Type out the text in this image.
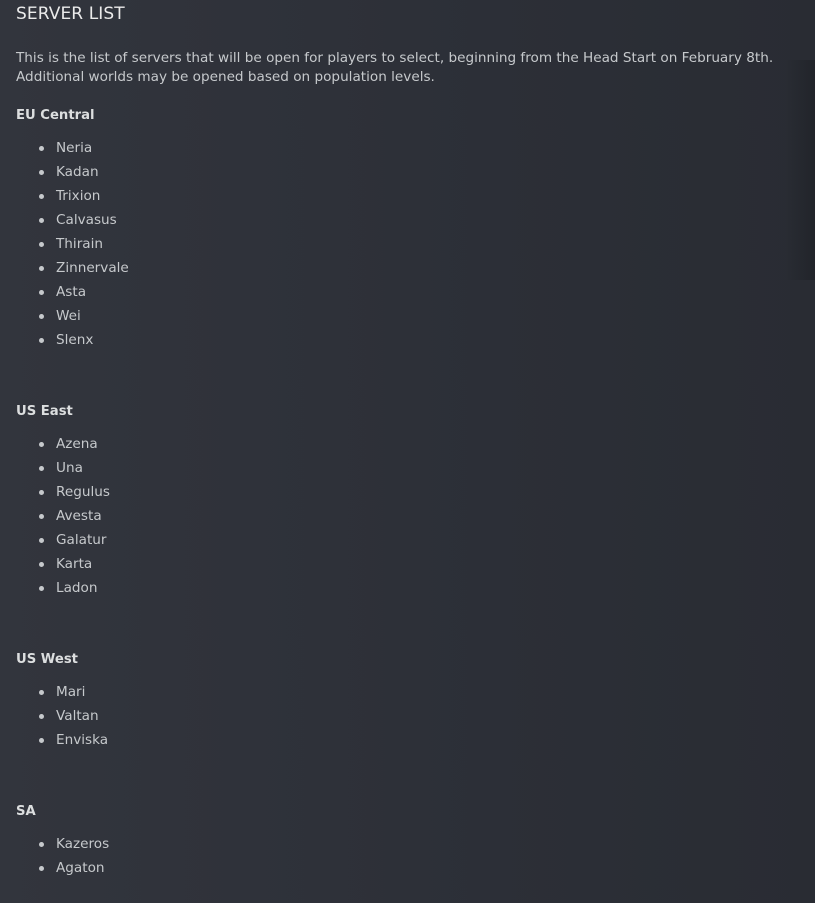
SERVER LIST

This is the list of servers that will be open for players to select, beginning from the Head Start on February 8th. Additional worlds may be opened based on population levels.

EU Central
Neria
Kadan
Trixion
Calvasus
Thirain
Zinnervale
Asta
Wei
Slenx
US East
Azena
Una
Regulus
Avesta
Galatur
Karta
Ladon
US West
Mari
Valtan
Enviska
SA
Kazeros
Agaton
